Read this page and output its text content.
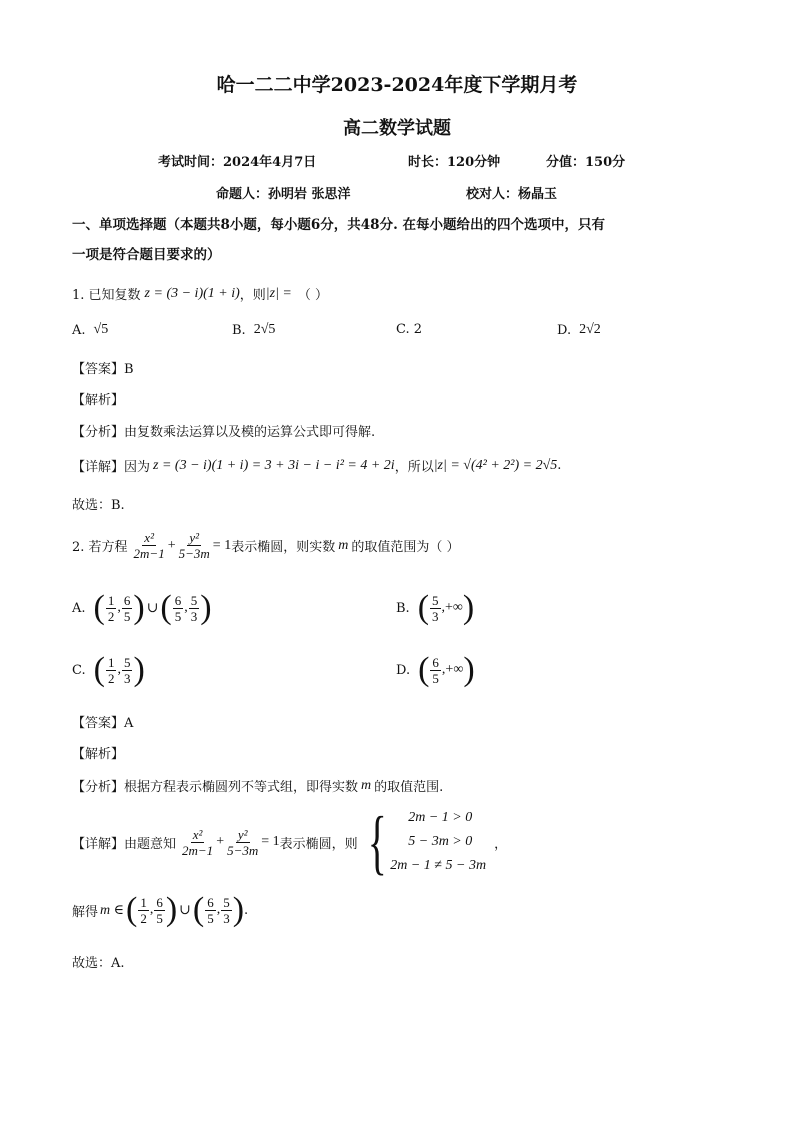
哈一二二中学2023-2024年度下学期月考
高二数学试题
考试时间：2024年4月7日	时长：120分钟	分值：150分
命题人：孙明岩 张思洋	校对人：杨晶玉
一、单项选择题（本题共8小题，每小题6分，共48分. 在每小题给出的四个选项中，只有
一项是符合题目要求的）
1. 已知复数 z = (3 − i)(1 + i) ，则 |z| = （ ）
A. √5	B. 2√5	C. 2	D. 2√2
【答案】B
【解析】
【分析】由复数乘法运算以及模的运算公式即可得解.
【详解】因为 z = (3 − i)(1 + i) = 3 + 3i − i − i² = 4 + 2i ，所以 |z| = √(4² + 2²) = 2√5 .
故选：B.
2. 若方程 $\frac{\text{x²}}{2m-1} + \frac{\text{y²}}{5-3m} = 1$ 表示椭圆，则实数 m 的取值范围为（ ）
A. ( $\frac{1}{2}$ , $\frac{6}{5}$ ) ∪ ( $\frac{6}{5}$ , $\frac{5}{3}$ )	B. ( $\frac{5}{3}$ , +∞ )
C. ( $\frac{1}{2}$ , $\frac{5}{3}$ )	D. ( $\frac{6}{5}$ , +∞ )
【答案】A
【解析】
【分析】根据方程表示椭圆列不等式组，即得实数 m 的取值范围.
【详解】由题意知 $\frac{\text{x²}}{2m-1} + \frac{\text{y²}}{5-3m} = 1$ 表示椭圆，则 {	2m − 1 > 0
5 − 3m > 0
2m − 1 ≠ 5 − 3m
，
解得 m ∈ ( $\frac{1}{2}$ , $\frac{6}{5}$ ) ∪ ( $\frac{6}{5}$ , $\frac{5}{3}$ ) .
故选：A.
